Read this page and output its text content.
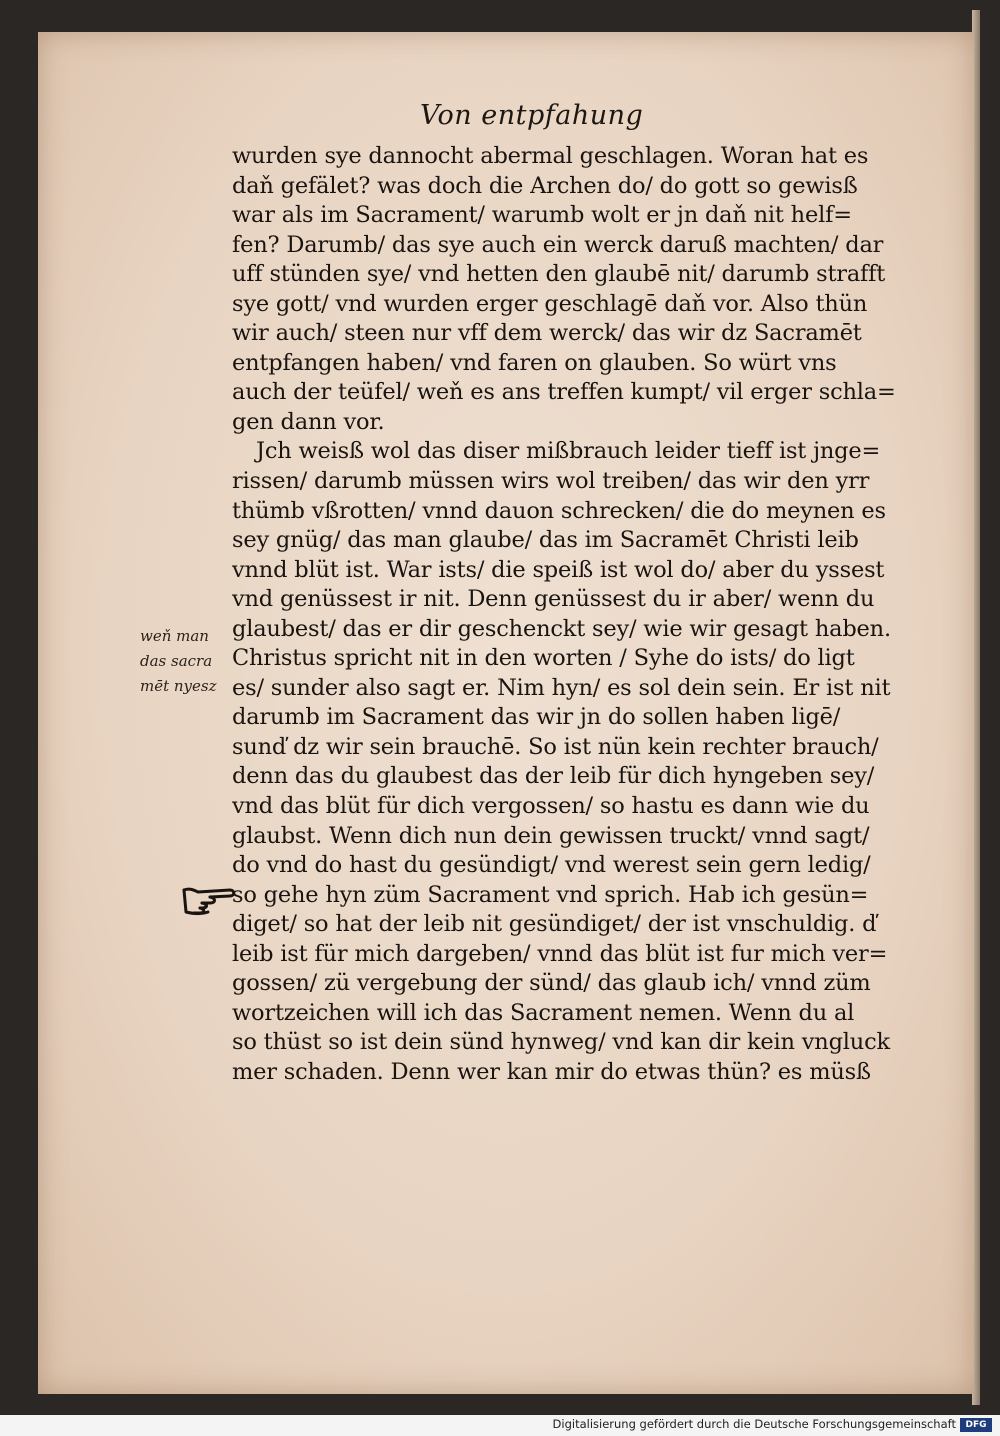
Von entpfahung
wurden sye dannocht abermal geschlagen. Woran hat es
daň gefälet? was doch die Archen do/ do gott so gewisß
war als im Sacrament/ warumb wolt er jn daň nit helf=
fen? Darumb/ das sye auch ein werck daruß machten/ dar
uff stünden sye/ vnd hetten den glaubē nit/ darumb strafft
sye gott/ vnd wurden erger geschlagē daň vor. Also thün
wir auch/ steen nur vff dem werck/ das wir dz Sacramēt
entpfangen haben/ vnd faren on glauben. So würt vns
auch der teüfel/ weň es ans treffen kumpt/ vil erger schla=
gen dann vor.
Jch weisß wol das diser mißbrauch leider tieff ist jnge=
rissen/ darumb müssen wirs wol treiben/ das wir den yrr
thümb vßrotten/ vnnd dauon schrecken/ die do meynen es
sey gnüg/ das man glaube/ das im Sacramēt Christi leib
vnnd blüt ist. War ists/ die speiß ist wol do/ aber du yssest
vnd genüssest ir nit. Denn genüssest du ir aber/ wenn du
glaubest/ das er dir geschenckt sey/ wie wir gesagt haben.
Christus spricht nit in den worten / Syhe do ists/ do ligt
es/ sunder also sagt er. Nim hyn/ es sol dein sein. Er ist nit
darumb im Sacrament das wir jn do sollen haben ligē/
sunď dz wir sein brauchē. So ist nün kein rechter brauch/
denn das du glaubest das der leib für dich hyngeben sey/
vnd das blüt für dich vergossen/ so hastu es dann wie du
glaubst. Wenn dich nun dein gewissen truckt/ vnnd sagt/
do vnd do hast du gesündigt/ vnd werest sein gern ledig/
so gehe hyn züm Sacrament vnd sprich. Hab ich gesün=
diget/ so hat der leib nit gesündiget/ der ist vnschuldig. ď
leib ist für mich dargeben/ vnnd das blüt ist fur mich ver=
gossen/ zü vergebung der sünd/ das glaub ich/ vnnd züm
wortzeichen will ich das Sacrament nemen. Wenn du al
so thüst so ist dein sünd hynweg/ vnd kan dir kein vngluck
mer schaden. Denn wer kan mir do etwas thün? es müsß
weň man
das sacra
mēt nyesz
Digitalisierung gefördert durch die Deutsche Forschungsgemeinschaft	DFG
